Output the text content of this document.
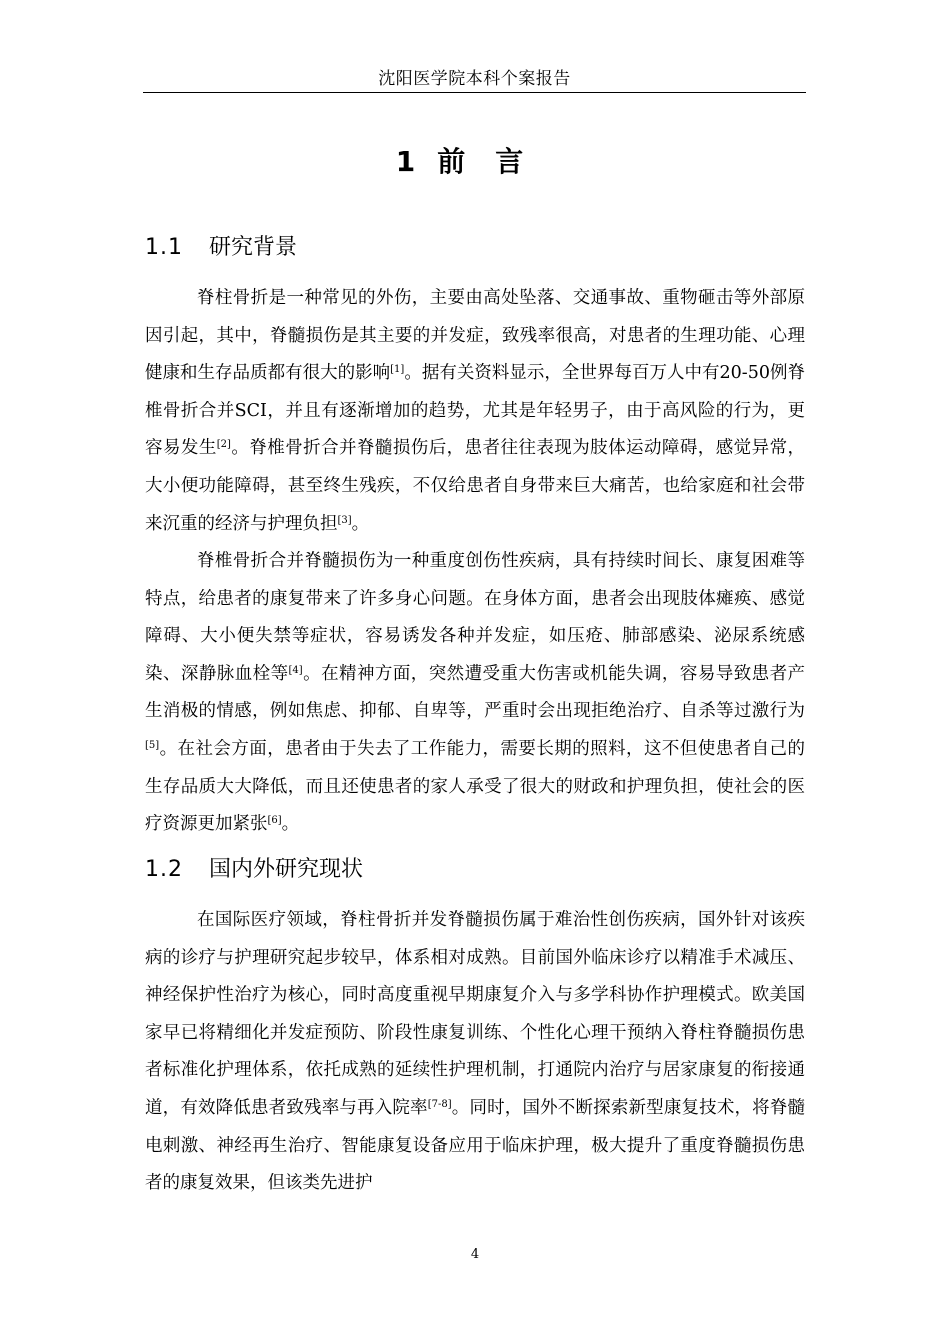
沈阳医学院本科个案报告
1 前言
1.1 研究背景

脊柱骨折是一种常见的外伤，主要由高处坠落、交通事故、重物砸击等外部原因引起，其中，脊髓损伤是其主要的并发症，致残率很高，对患者的生理功能、心理健康和生存品质都有很大的影响[1]。据有关资料显示，全世界每百万人中有20-50例脊椎骨折合并SCI，并且有逐渐增加的趋势，尤其是年轻男子，由于高风险的行为，更容易发生[2]。脊椎骨折合并脊髓损伤后，患者往往表现为肢体运动障碍，感觉异常，大小便功能障碍，甚至终生残疾，不仅给患者自身带来巨大痛苦，也给家庭和社会带来沉重的经济与护理负担[3]。

脊椎骨折合并脊髓损伤为一种重度创伤性疾病，具有持续时间长、康复困难等特点，给患者的康复带来了许多身心问题。在身体方面，患者会出现肢体瘫痪、感觉障碍、大小便失禁等症状，容易诱发各种并发症，如压疮、肺部感染、泌尿系统感染、深静脉血栓等[4]。在精神方面，突然遭受重大伤害或机能失调，容易导致患者产生消极的情感，例如焦虑、抑郁、自卑等，严重时会出现拒绝治疗、自杀等过激行为[5]。在社会方面，患者由于失去了工作能力，需要长期的照料，这不但使患者自己的生存品质大大降低，而且还使患者的家人承受了很大的财政和护理负担，使社会的医疗资源更加紧张[6]。

1.2 国内外研究现状

在国际医疗领域，脊柱骨折并发脊髓损伤属于难治性创伤疾病，国外针对该疾病的诊疗与护理研究起步较早，体系相对成熟。目前国外临床诊疗以精准手术减压、神经保护性治疗为核心，同时高度重视早期康复介入与多学科协作护理模式。欧美国家早已将精细化并发症预防、阶段性康复训练、个性化心理干预纳入脊柱脊髓损伤患者标准化护理体系，依托成熟的延续性护理机制，打通院内治疗与居家康复的衔接通道，有效降低患者致残率与再入院率[7-8]。同时，国外不断探索新型康复技术，将脊髓电刺激、神经再生治疗、智能康复设备应用于临床护理，极大提升了重度脊髓损伤患者的康复效果，但该类先进护

4
